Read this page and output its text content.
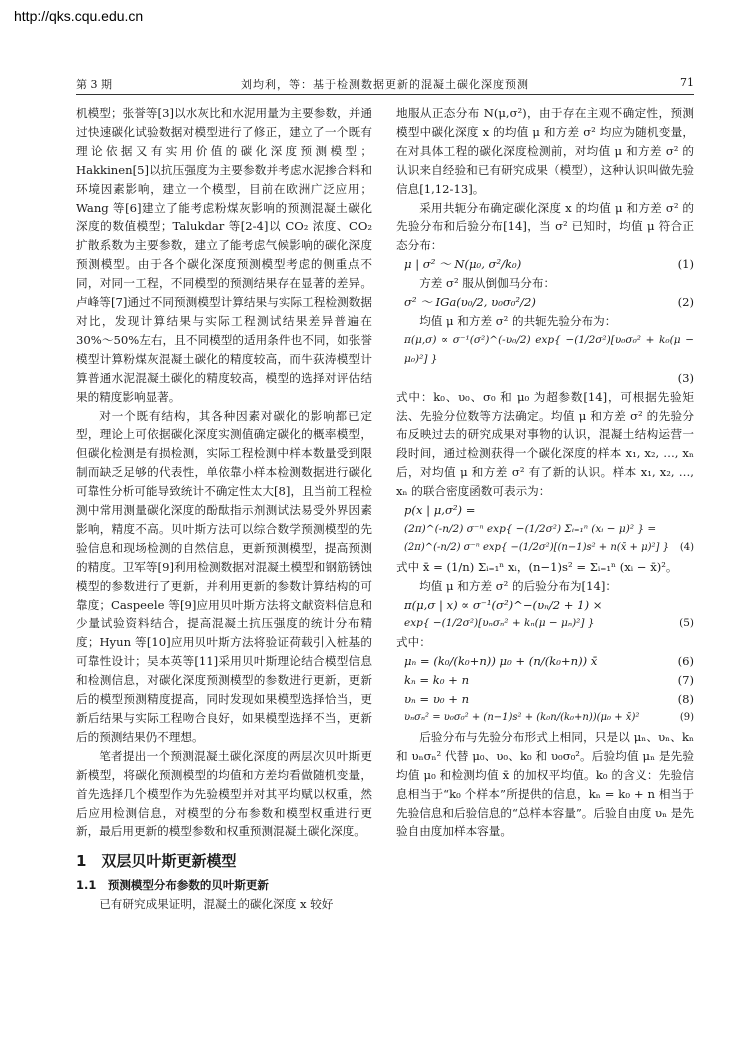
http://qks.cqu.edu.cn
第 3 期	刘均利，等：基于检测数据更新的混凝土碳化深度预测	71

机模型；张誉等[3]以水灰比和水泥用量为主要参数，并通过快速碳化试验数据对模型进行了修正，建立了一个既有理论依据又有实用价值的碳化深度预测模型；Hakkinen[5]以抗压强度为主要参数并考虑水泥掺合料和环境因素影响，建立一个模型，目前在欧洲广泛应用；Wang 等[6]建立了能考虑粉煤灰影响的预测混凝土碳化深度的数值模型；Talukdar 等[2-4]以 CO₂ 浓度、CO₂ 扩散系数为主要参数，建立了能考虑气候影响的碳化深度预测模型。由于各个碳化深度预测模型考虑的侧重点不同，对同一工程，不同模型的预测结果存在显著的差异。卢峰等[7]通过不同预测模型计算结果与实际工程检测数据对比，发现计算结果与实际工程测试结果差异普遍在 30%～50%左右，且不同模型的适用条件也不同，如张誉模型计算粉煤灰混凝土碳化的精度较高，而牛荻涛模型计算普通水泥混凝土碳化的精度较高，模型的选择对评估结果的精度影响显著。

对一个既有结构，其各种因素对碳化的影响都已定型，理论上可依据碳化深度实测值确定碳化的概率模型，但碳化检测是有损检测，实际工程检测中样本数量受到限制而缺乏足够的代表性，单依靠小样本检测数据进行碳化可靠性分析可能导致统计不确定性太大[8]，且当前工程检测中常用测量碳化深度的酚酞指示剂测试法易受外界因素影响，精度不高。贝叶斯方法可以综合数学预测模型的先验信息和现场检测的自然信息，更新预测模型，提高预测的精度。卫军等[9]利用检测数据对混凝土模型和钢筋锈蚀模型的参数进行了更新，并利用更新的参数计算结构的可靠度；Caspeele 等[9]应用贝叶斯方法将文献资料信息和少量试验资料结合，提高混凝土抗压强度的统计分布精度；Hyun 等[10]应用贝叶斯方法将验证荷载引入桩基的可靠性设计；吴本英等[11]采用贝叶斯理论结合模型信息和检测信息，对碳化深度预测模型的参数进行更新，更新后的模型预测精度提高，同时发现如果模型选择恰当，更新后结果与实际工程吻合良好，如果模型选择不当，更新后的预测结果仍不理想。

笔者提出一个预测混凝土碳化深度的两层次贝叶斯更新模型，将碳化预测模型的均值和方差均看做随机变量，首先选择几个模型作为先验模型并对其平均赋以权重，然后应用检测信息，对模型的分布参数和模型权重进行更新，最后用更新的模型参数和权重预测混凝土碳化深度。

1　双层贝叶斯更新模型
1.1　预测模型分布参数的贝叶斯更新

已有研究成果证明，混凝土的碳化深度 x 较好

地服从正态分布 N(μ,σ²)，由于存在主观不确定性，预测模型中碳化深度 x 的均值 μ 和方差 σ² 均应为随机变量，在对具体工程的碳化深度检测前，对均值 μ 和方差 σ² 的认识来自经验和已有研究成果（模型），这种认识叫做先验信息[1,12-13]。

采用共轭分布确定碳化深度 x 的均值 μ 和方差 σ² 的先验分布和后验分布[14]，当 σ² 已知时，均值 μ 符合正态分布：

μ | σ² ～ N(μ₀, σ²/k₀)	(1)

方差 σ² 服从倒伽马分布：

σ² ～ IGa(υ₀/2, υ₀σ₀²/2)	(2)

均值 μ 和方差 σ² 的共轭先验分布为：

π(μ,σ) ∝ σ⁻¹(σ²)^(-υ₀/2) exp{ −(1/2σ²)[υ₀σ₀² + k₀(μ − μ₀)²] }
(3)

式中：k₀、υ₀、σ₀ 和 μ₀ 为超参数[14]，可根据先验矩法、先验分位数等方法确定。均值 μ 和方差 σ² 的先验分布反映过去的研究成果对事物的认识，混凝土结构运营一段时间，通过检测获得一个碳化深度的样本 x₁, x₂, …, xₙ 后，对均值 μ 和方差 σ² 有了新的认识。样本 x₁, x₂, …, xₙ 的联合密度函数可表示为：

p(x | μ,σ²) =
(2π)^(-n/2) σ⁻ⁿ exp{ −(1/2σ²) Σᵢ₌₁ⁿ (xᵢ − μ)² } =
(2π)^(-n/2) σ⁻ⁿ exp{ −(1/2σ²)[(n−1)s² + n(x̄ + μ)²] } (4)

式中 x̄ = (1/n) Σᵢ₌₁ⁿ xᵢ，(n−1)s² = Σᵢ₌₁ⁿ (xᵢ − x̄)²。

均值 μ 和方差 σ² 的后验分布为[14]：

π(μ,σ | x) ∝ σ⁻¹(σ²)^−(υₙ/2 + 1) ×
exp{ −(1/2σ²)[υₙσₙ² + kₙ(μ − μₙ)²] }	(5)

式中：

μₙ = (k₀/(k₀+n)) μ₀ + (n/(k₀+n)) x̄	(6)
kₙ = k₀ + n	(7)
υₙ = υ₀ + n	(8)
υₙσₙ² = υ₀σ₀² + (n−1)s² + (k₀n/(k₀+n))(μ₀ + x̄)²	(9)

后验分布与先验分布形式上相同，只是以 μₙ、υₙ、kₙ 和 υₙσₙ² 代替 μ₀、υ₀、k₀ 和 υ₀σ₀²。后验均值 μₙ 是先验均值 μ₀ 和检测均值 x̄ 的加权平均值。k₀ 的含义：先验信息相当于“k₀ 个样本”所提供的信息，kₙ = k₀ + n 相当于先验信息和后验信息的“总样本容量”。后验自由度 υₙ 是先验自由度加样本容量。
